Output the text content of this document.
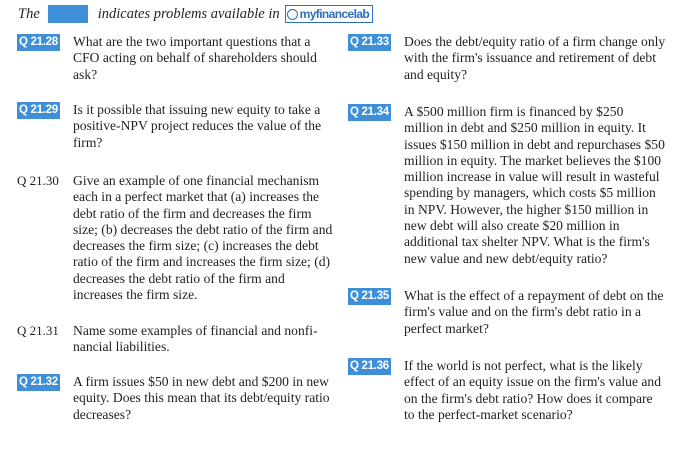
The	indicates problems available in myfinancelab
Q 21.28 What are the two important questions that a CFO acting on behalf of shareholders should ask?

Q 21.29 Is it possible that issuing new equity to take a positive-NPV project reduces the value of the firm?

Q 21.30 Give an example of one financial mechanism each in a perfect market that (a) increases the debt ratio of the firm and decreases the firm size; (b) decreases the debt ratio of the firm and decreases the firm size; (c) increases the debt ratio of the firm and increases the firm size; (d) decreases the debt ratio of the firm and increases the firm size.

Q 21.31 Name some examples of financial and nonfi-nancial liabilities.

Q 21.32 A firm issues $50 in new debt and $200 in new equity. Does this mean that its debt/equity ratio decreases?

Q 21.33 Does the debt/equity ratio of a firm change only with the firm's issuance and retirement of debt and equity?

Q 21.34 A $500 million firm is financed by $250 million in debt and $250 million in equity. It issues $150 million in debt and repurchases $50 million in equity. The market believes the $100 million increase in value will result in wasteful spending by managers, which costs $5 million in NPV. However, the higher $150 million in new debt will also create $20 million in additional tax shelter NPV. What is the firm's new value and new debt/equity ratio?

Q 21.35 What is the effect of a repayment of debt on the firm's value and on the firm's debt ratio in a perfect market?

Q 21.36 If the world is not perfect, what is the likely effect of an equity issue on the firm's value and on the firm's debt ratio? How does it compare to the perfect-market scenario?
